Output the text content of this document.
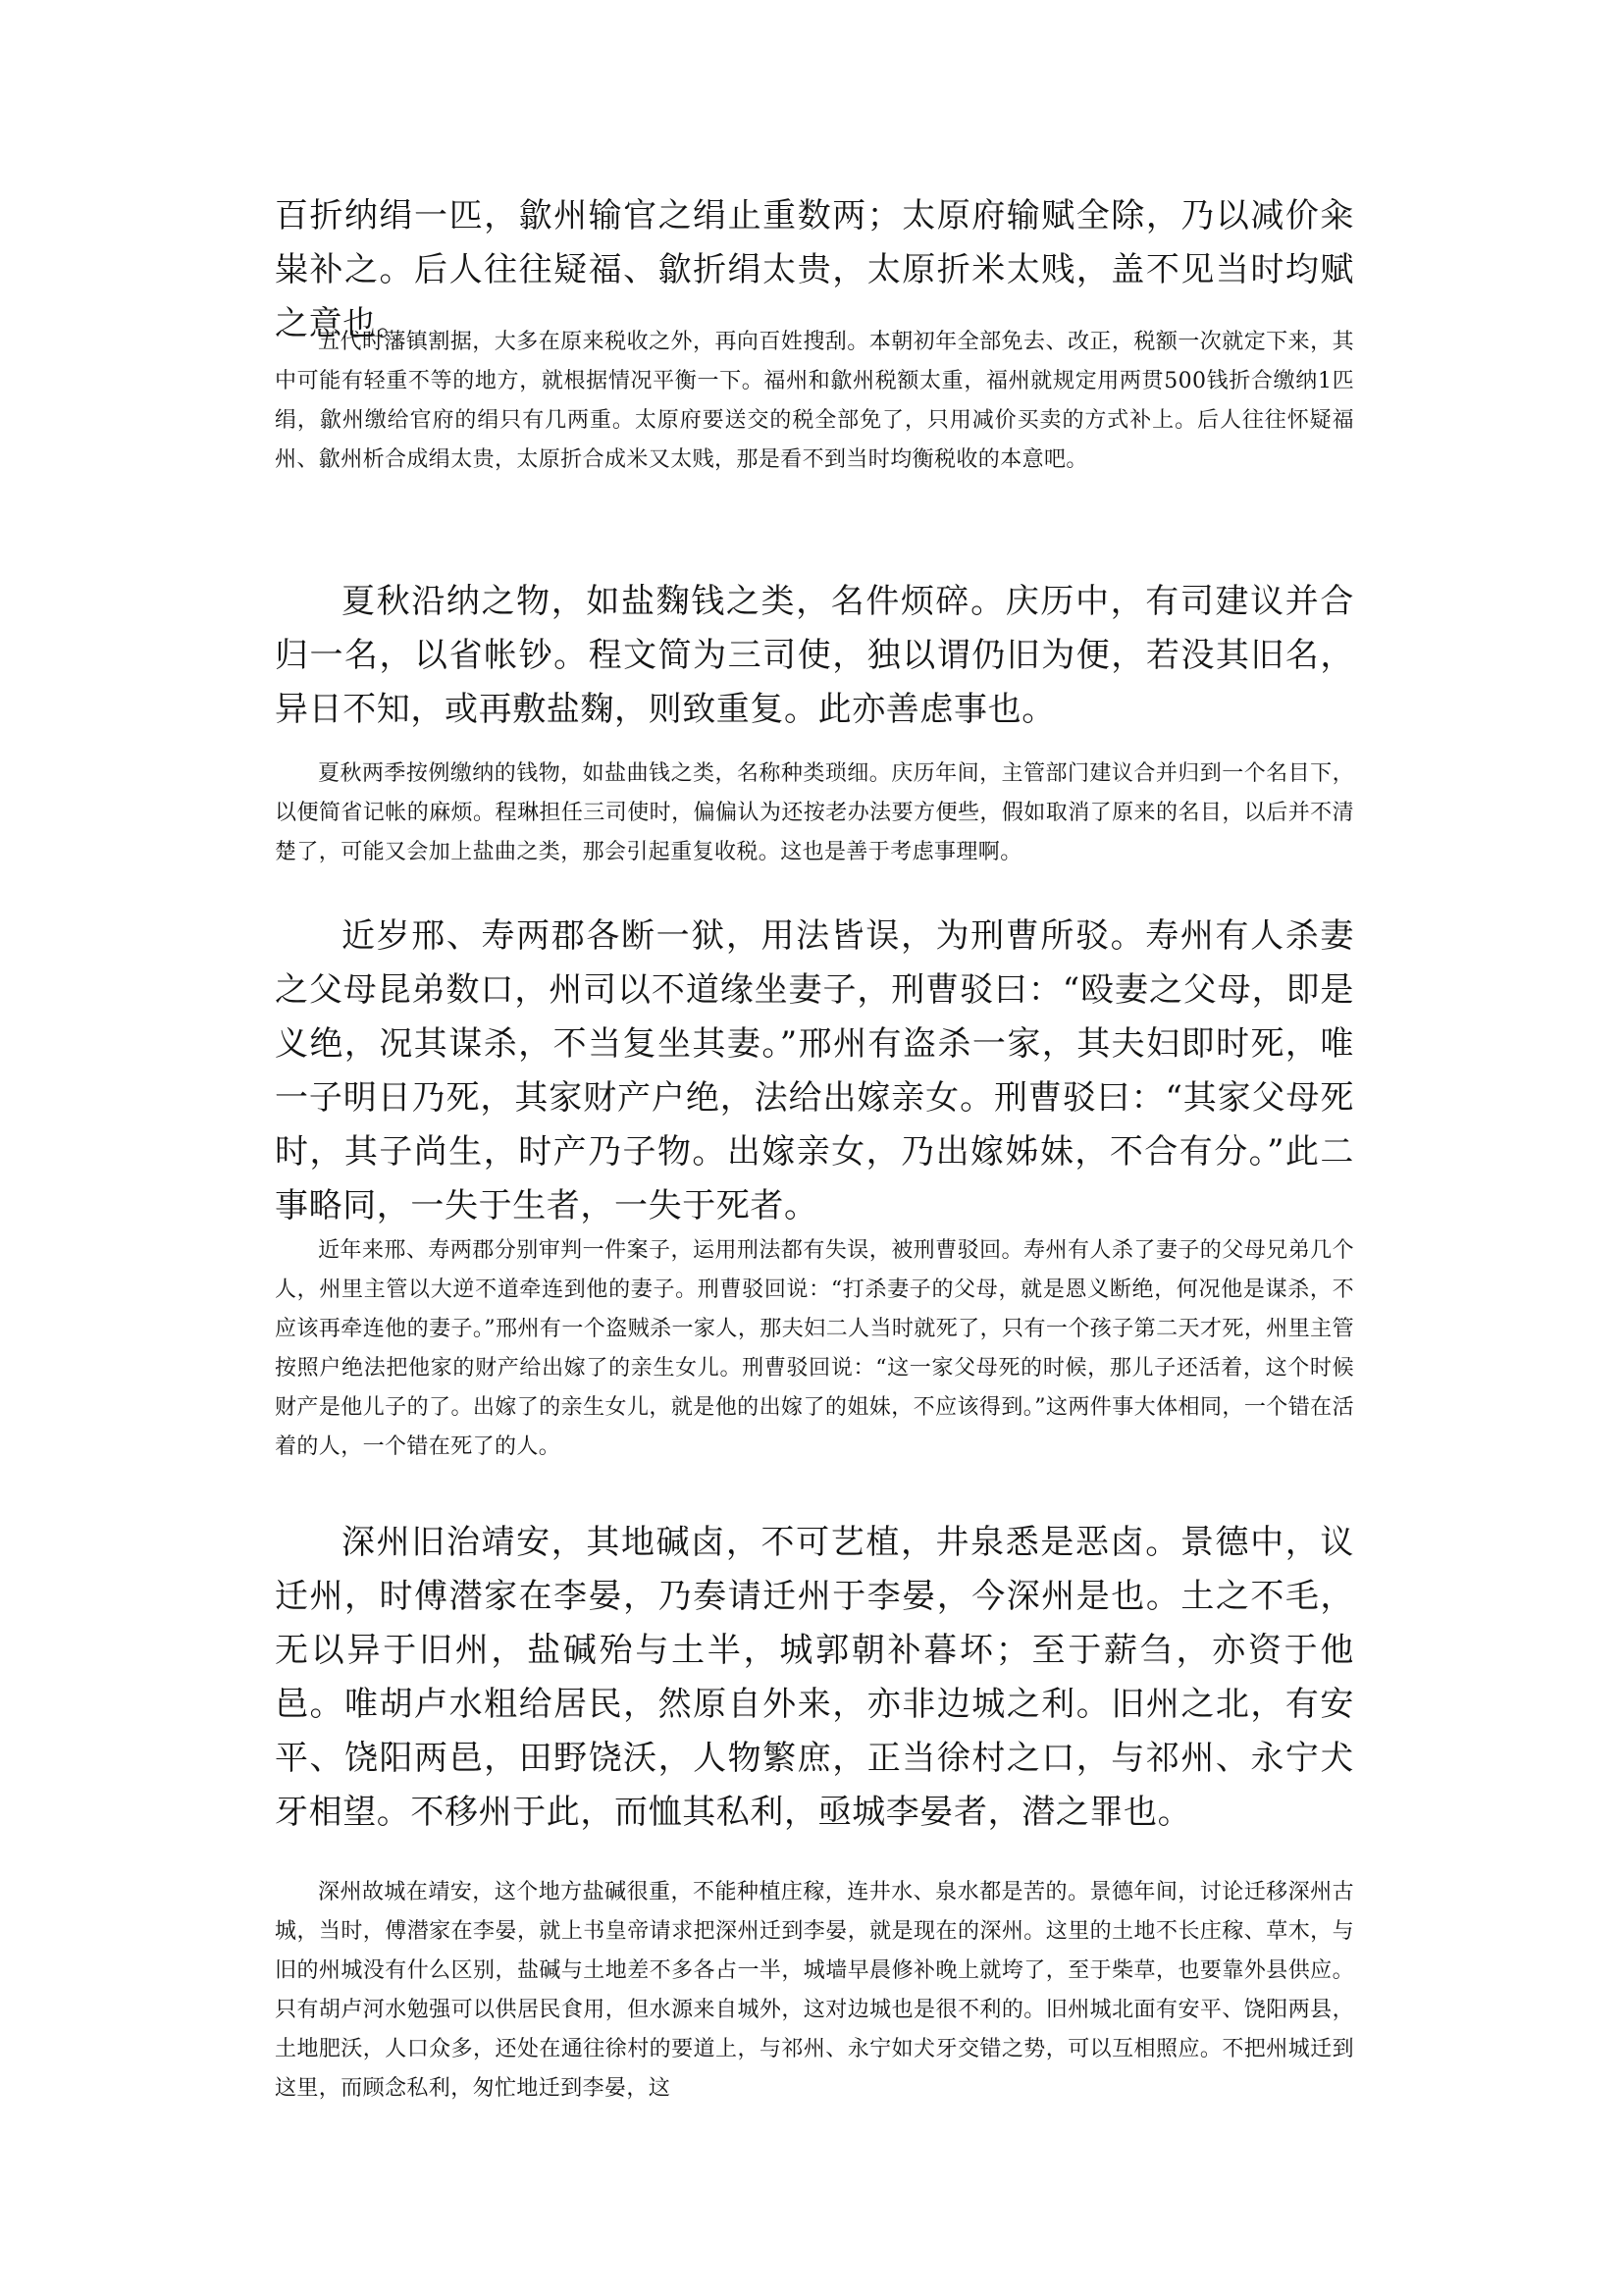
百折纳绢一匹，歙州输官之绢止重数两；太原府输赋全除，乃以减价籴粜补之。后人往往疑福、歙折绢太贵，太原折米太贱，盖不见当时均赋之意也。

五代时藩镇割据，大多在原来税收之外，再向百姓搜刮。本朝初年全部免去、改正，税额一次就定下来，其中可能有轻重不等的地方，就根据情况平衡一下。福州和歙州税额太重，福州就规定用两贯500钱折合缴纳1匹绢，歙州缴给官府的绢只有几两重。太原府要送交的税全部免了，只用减价买卖的方式补上。后人往往怀疑福州、歙州析合成绢太贵，太原折合成米又太贱，那是看不到当时均衡税收的本意吧。

夏秋沿纳之物，如盐麴钱之类，名件烦碎。庆历中，有司建议并合归一名，以省帐钞。程文简为三司使，独以谓仍旧为便，若没其旧名，异日不知，或再敷盐麴，则致重复。此亦善虑事也。

夏秋两季按例缴纳的钱物，如盐曲钱之类，名称种类琐细。庆历年间，主管部门建议合并归到一个名目下，以便简省记帐的麻烦。程琳担任三司使时，偏偏认为还按老办法要方便些，假如取消了原来的名目，以后并不清楚了，可能又会加上盐曲之类，那会引起重复收税。这也是善于考虑事理啊。

近岁邢、寿两郡各断一狱，用法皆误，为刑曹所驳。寿州有人杀妻之父母昆弟数口，州司以不道缘坐妻子，刑曹驳曰：“殴妻之父母，即是义绝，况其谋杀，不当复坐其妻。”邢州有盗杀一家，其夫妇即时死，唯一子明日乃死，其家财产户绝，法给出嫁亲女。刑曹驳曰：“其家父母死时，其子尚生，时产乃子物。出嫁亲女，乃出嫁姊妹，不合有分。”此二事略同，一失于生者，一失于死者。

近年来邢、寿两郡分别审判一件案子，运用刑法都有失误，被刑曹驳回。寿州有人杀了妻子的父母兄弟几个人，州里主管以大逆不道牵连到他的妻子。刑曹驳回说：“打杀妻子的父母，就是恩义断绝，何况他是谋杀，不应该再牵连他的妻子。”邢州有一个盗贼杀一家人，那夫妇二人当时就死了，只有一个孩子第二天才死，州里主管按照户绝法把他家的财产给出嫁了的亲生女儿。刑曹驳回说：“这一家父母死的时候，那儿子还活着，这个时候财产是他儿子的了。出嫁了的亲生女儿，就是他的出嫁了的姐妹，不应该得到。”这两件事大体相同，一个错在活着的人，一个错在死了的人。

深州旧治靖安，其地碱卤，不可艺植，井泉悉是恶卤。景德中，议迁州，时傅潜家在李晏，乃奏请迁州于李晏，今深州是也。土之不毛，无以异于旧州，盐碱殆与土半，城郭朝补暮坏；至于薪刍，亦资于他邑。唯胡卢水粗给居民，然原自外来，亦非边城之利。旧州之北，有安平、饶阳两邑，田野饶沃，人物繁庶，正当徐村之口，与祁州、永宁犬牙相望。不移州于此，而恤其私利，亟城李晏者，潜之罪也。

深州故城在靖安，这个地方盐碱很重，不能种植庄稼，连井水、泉水都是苦的。景德年间，讨论迁移深州古城，当时，傅潜家在李晏，就上书皇帝请求把深州迁到李晏，就是现在的深州。这里的土地不长庄稼、草木，与旧的州城没有什么区别，盐碱与土地差不多各占一半，城墙早晨修补晚上就垮了，至于柴草，也要靠外县供应。只有胡卢河水勉强可以供居民食用，但水源来自城外，这对边城也是很不利的。旧州城北面有安平、饶阳两县，土地肥沃，人口众多，还处在通往徐村的要道上，与祁州、永宁如犬牙交错之势，可以互相照应。不把州城迁到这里，而顾念私利，匆忙地迁到李晏，这
